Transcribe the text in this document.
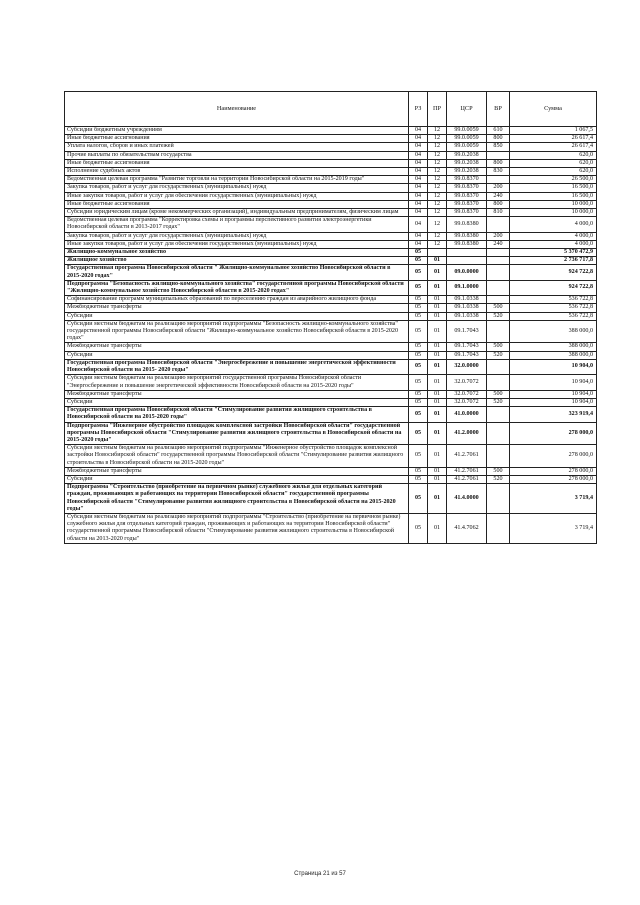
Наименование	РЗ	ПР	ЦСР	ВР	Сумма
Субсидии бюджетным учреждениям	04	12	99.0.0059	610	1 067,5
Иные бюджетные ассигнования	04	12	99.0.0059	800	26 617,4
Уплата налогов, сборов и иных платежей	04	12	99.0.0059	850	26 617,4
Прочие выплаты по обязательствам государства	04	12	99.0.2038		620,0
Иные бюджетные ассигнования	04	12	99.0.2038	800	620,0
Исполнение судебных актов	04	12	99.0.2038	830	620,0
Ведомственная целевая программа "Развитие торговли на территории Новосибирской области на 2015-2019 годы"	04	12	99.0.8370		26 500,0
Закупка товаров, работ и услуг для государственных (муниципальных) нужд	04	12	99.0.8370	200	16 500,0
Иные закупки товаров, работ и услуг для обеспечения государственных (муниципальных) нужд	04	12	99.0.8370	240	16 500,0
Иные бюджетные ассигнования	04	12	99.0.8370	800	10 000,0
Субсидии юридическим лицам (кроме некоммерческих организаций), индивидуальным предпринимателям, физическим лицам	04	12	99.0.8370	810	10 000,0
Ведомственная целевая программа "Корректировка схемы и программы перспективного развития электроэнергетики Новосибирской области в 2013-2017 годах"	04	12	99.0.8380		4 000,0
Закупка товаров, работ и услуг для государственных (муниципальных) нужд	04	12	99.0.8380	200	4 000,0
Иные закупки товаров, работ и услуг для обеспечения государственных (муниципальных) нужд	04	12	99.0.8380	240	4 000,0
Жилищно-коммунальное хозяйство	05				5 370 472,9
Жилищное хозяйство	05	01			2 736 717,8
Государственная программа Новосибирской области " Жилищно-коммунальное хозяйство Новосибирской области в 2015-2020 годах"	05	01	09.0.0000		924 722,8
Подпрограмма "Безопасность жилищно-коммунального хозяйства" государственной программы Новосибирской области "Жилищно-коммунальное хозяйство Новосибирской области в 2015-2020 годах"	05	01	09.1.0000		924 722,8
Софинансирование программ муниципальных образований по переселению граждан из аварийного жилищного фонда	05	01	09.1.0338		536 722,8
Межбюджетные трансферты	05	01	09.1.0338	500	536 722,8
Субсидии	05	01	09.1.0338	520	536 722,8
Субсидии местным бюджетам на реализацию мероприятий подпрограммы "Безопасность жилищно-коммунального хозяйства" государственной программы Новосибирской области "Жилищно-коммунальное хозяйство Новосибирской области в 2015-2020 годах"	05	01	09.1.7043		388 000,0
Межбюджетные трансферты	05	01	09.1.7043	500	388 000,0
Субсидии	05	01	09.1.7043	520	388 000,0
Государственная программа Новосибирской области "Энергосбережение и повышение энергетической эффективности Новосибирской области на 2015- 2020 годы"	05	01	32.0.0000		10 904,0
Субсидии местным бюджетам на реализацию мероприятий государственной программы Новосибирской области "Энергосбережение и повышение энергетической эффективности Новосибирской области на 2015-2020 годы"	05	01	32.0.7072		10 904,0
Межбюджетные трансферты	05	01	32.0.7072	500	10 904,0
Субсидии	05	01	32.0.7072	520	10 904,0
Государственная программа Новосибирской области "Стимулирование развития жилищного строительства в Новосибирской области на 2015-2020 годы"	05	01	41.0.0000		323 919,4
Подпрограмма "Инженерное обустройство площадок комплексной застройки Новосибирской области" государственной программы Новосибирской области "Стимулирование развития жилищного строительства в Новосибирской области на 2015-2020 годы"	05	01	41.2.0000		278 000,0
Субсидии местным бюджетам на реализацию мероприятий подпрограммы "Инженерное обустройство площадок комплексной застройки Новосибирской области" государственной программы Новосибирской области "Стимулирование развития жилищного строительства в Новосибирской области на 2015-2020 годы"	05	01	41.2.7061		278 000,0
Межбюджетные трансферты	05	01	41.2.7061	500	278 000,0
Субсидии	05	01	41.2.7061	520	278 000,0
Подпрограмма "Строительство (приобретение на первичном рынке) служебного жилья для отдельных категорий граждан, проживающих и работающих на территории Новосибирской области" государственной программы Новосибирской области "Стимулирование развития жилищного строительства в Новосибирской области на 2015-2020 годы"	05	01	41.4.0000		3 719,4
Субсидии местным бюджетам на реализацию мероприятий подпрограммы "Строительство (приобретение на первичном рынке) служебного жилья для отдельных категорий граждан, проживающих и работающих на территории Новосибирской области" государственной программы Новосибирской области "Стимулирование развития жилищного строительства в Новосибирской области на 2013-2020 годы"	05	01	41.4.7062		3 719,4
Страница 21 из 57
